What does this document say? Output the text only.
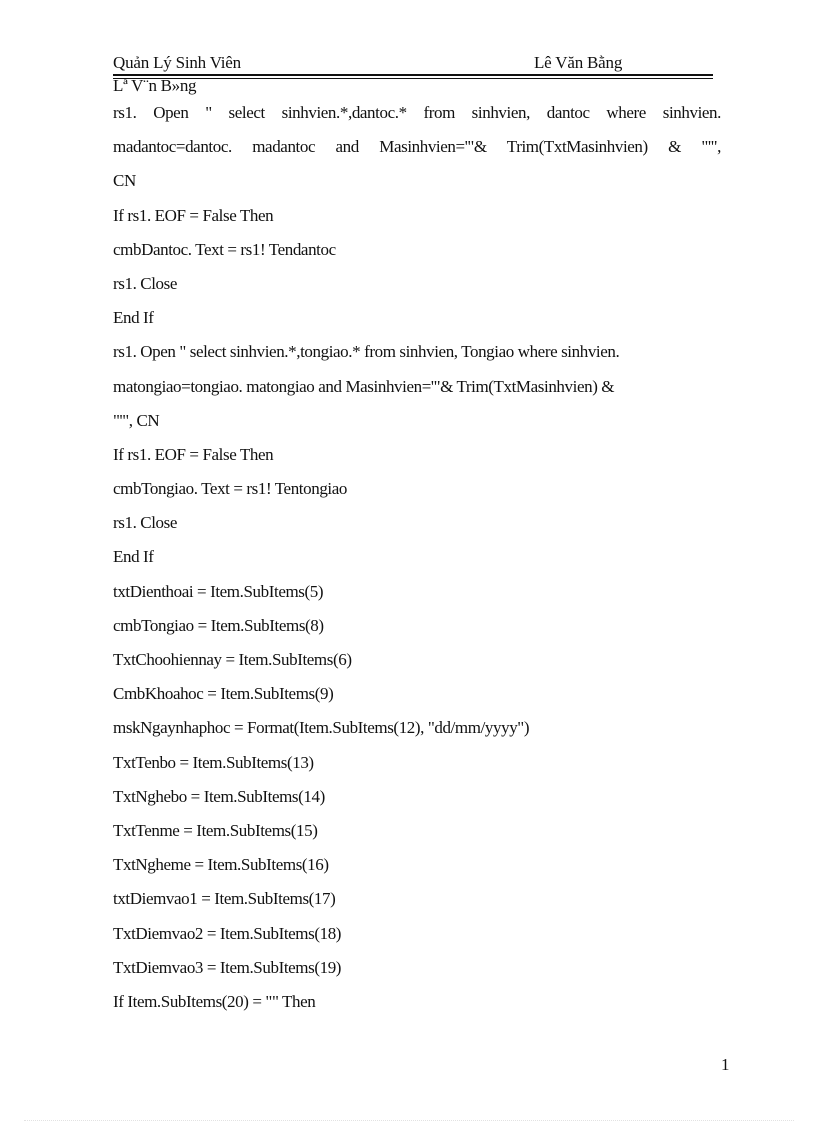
Quản Lý Sinh Viên	Lê Văn Bằng
Lª V¨n B»ng
rs1. Open " select sinhvien.*,dantoc.* from sinhvien, dantoc where sinhvien.
madantoc=dantoc. madantoc and Masinhvien='"& Trim(TxtMasinhvien) & "'",
CN
If rs1. EOF = False Then
cmbDantoc. Text = rs1! Tendantoc
rs1. Close
End If
rs1. Open " select sinhvien.*,tongiao.* from sinhvien, Tongiao where sinhvien.
matongiao=tongiao. matongiao and Masinhvien='"& Trim(TxtMasinhvien) &
"'", CN
If rs1. EOF = False Then
cmbTongiao. Text = rs1! Tentongiao
rs1. Close
End If
txtDienthoai = Item.SubItems(5)
cmbTongiao = Item.SubItems(8)
TxtChoohiennay = Item.SubItems(6)
CmbKhoahoc = Item.SubItems(9)
mskNgaynhaphoc = Format(Item.SubItems(12), "dd/mm/yyyy")
TxtTenbo = Item.SubItems(13)
TxtNghebo = Item.SubItems(14)
TxtTenme = Item.SubItems(15)
TxtNgheme = Item.SubItems(16)
txtDiemvao1 = Item.SubItems(17)
TxtDiemvao2 = Item.SubItems(18)
TxtDiemvao3 = Item.SubItems(19)
If Item.SubItems(20) = "" Then
1
